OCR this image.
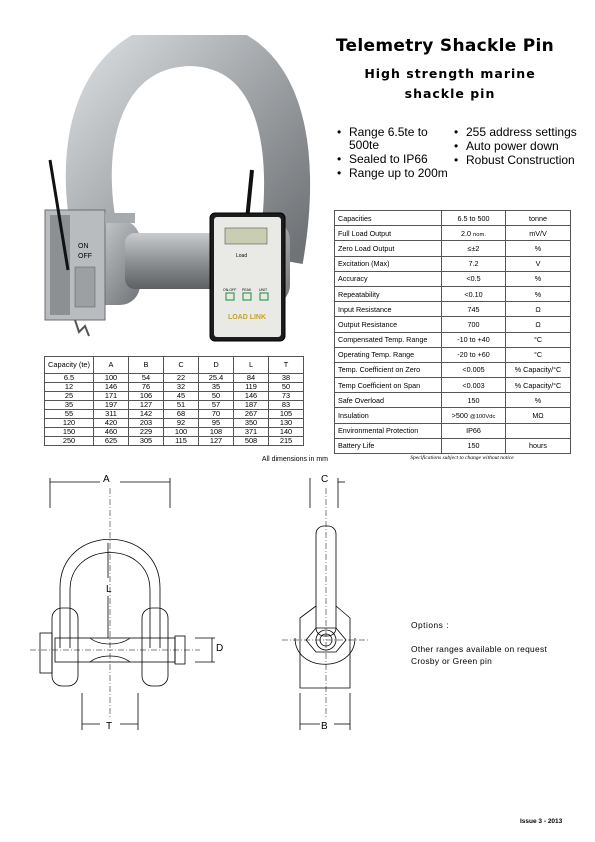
Telemetry Shackle Pin
High strength marine
shackle pin
• Range 6.5te to 500te
• Sealed to IP66
• Range up to 200m
• 255 address settings
• Auto power down
• Robust Construction
ON
OFF	Load
ON-OFF PEAK UNIT
LOAD LINK
Capacity (te)	A	B	C	D	L	T
6.5	100	54	22	25.4	84	38
12	146	76	32	35	119	50
25	171	106	45	50	146	73
35	197	127	51	57	187	83
55	311	142	68	70	267	105
120	420	203	92	95	350	130
150	460	229	100	108	371	140
250	625	305	115	127	508	215
All dimensions in mm
Capacities	6.5 to 500	tonne
Full Load Output	2.0 nom.	mV/V
Zero Load Output	≤±2	%
Excitation (Max)	7.2	V
Accuracy	<0.5	%
Repeatability	<0.10	%
Input Resistance	745	Ω
Output Resistance	700	Ω
Compensated Temp. Range	-10 to +40	°C
Operating Temp. Range	-20 to +60	°C
Temp. Coefficient on Zero	<0.005	% Capacity/°C
Temp Coefficient on Span	<0.003	% Capacity/°C
Safe Overload	150	%
Insulation	>500 @100Vdc	MΩ
Environmental Protection	IP66	
Battery Life	150	hours
Specifications subject to change without notice
A
L
D
T
C
B
Options :
Other ranges available on request
Crosby or Green pin
Issue 3 - 2013
